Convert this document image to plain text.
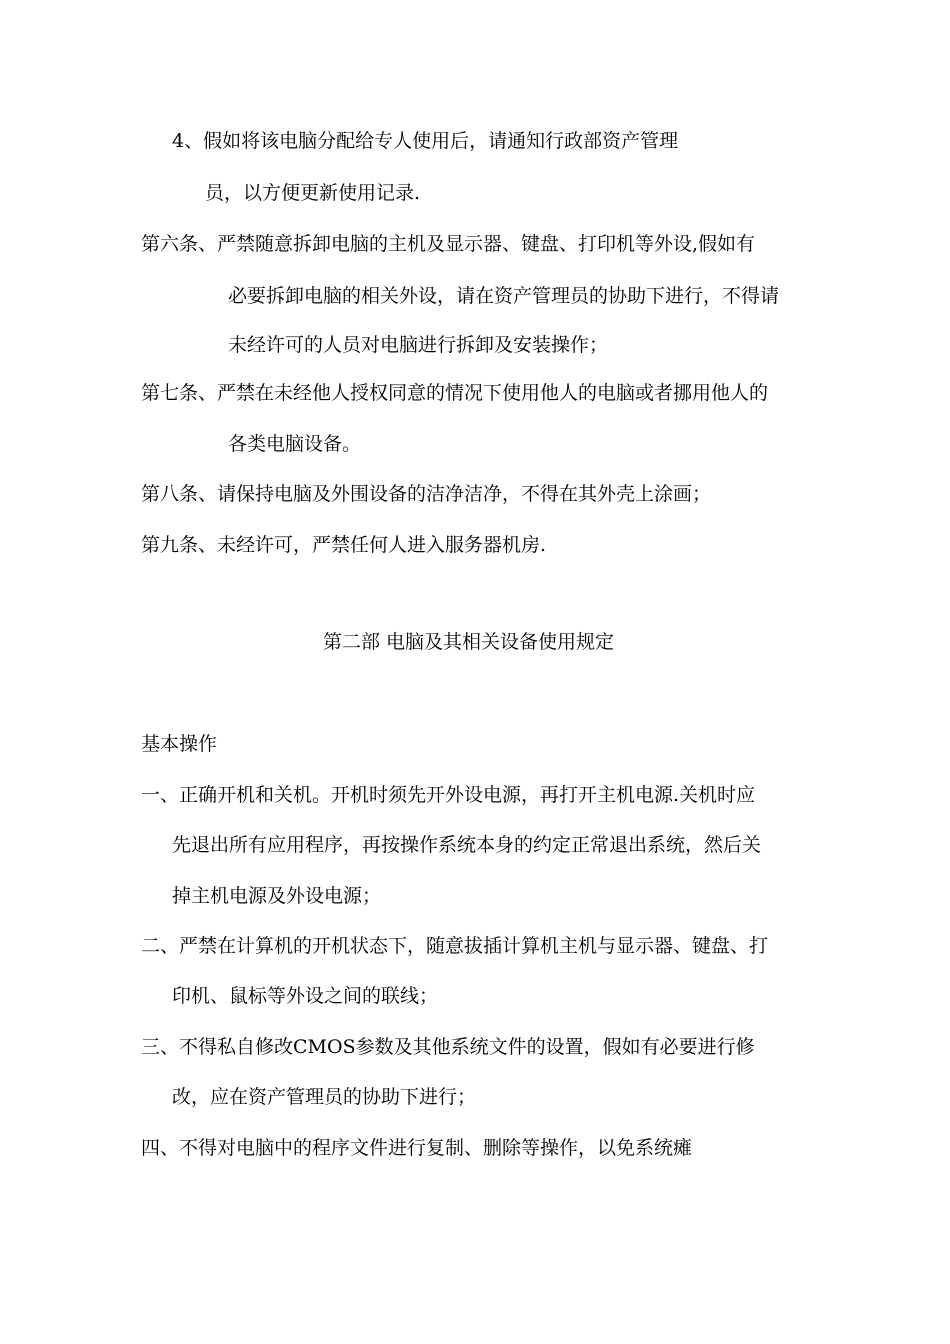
4、假如将该电脑分配给专人使用后，请通知行政部资产管理
员，以方便更新使用记录.
第六条、严禁随意拆卸电脑的主机及显示器、键盘、打印机等外设,假如有
必要拆卸电脑的相关外设，请在资产管理员的协助下进行，不得请
未经许可的人员对电脑进行拆卸及安装操作；
第七条、严禁在未经他人授权同意的情况下使用他人的电脑或者挪用他人的
各类电脑设备。
第八条、请保持电脑及外围设备的洁净洁净，不得在其外壳上涂画；
第九条、未经许可，严禁任何人进入服务器机房.
第二部 电脑及其相关设备使用规定
基本操作
一、正确开机和关机。开机时须先开外设电源，再打开主机电源.关机时应
先退出所有应用程序，再按操作系统本身的约定正常退出系统，然后关
掉主机电源及外设电源；
二、严禁在计算机的开机状态下，随意拔插计算机主机与显示器、键盘、打
印机、鼠标等外设之间的联线；
三、不得私自修改CMOS参数及其他系统文件的设置，假如有必要进行修
改，应在资产管理员的协助下进行；
四、不得对电脑中的程序文件进行复制、删除等操作，以免系统瘫
